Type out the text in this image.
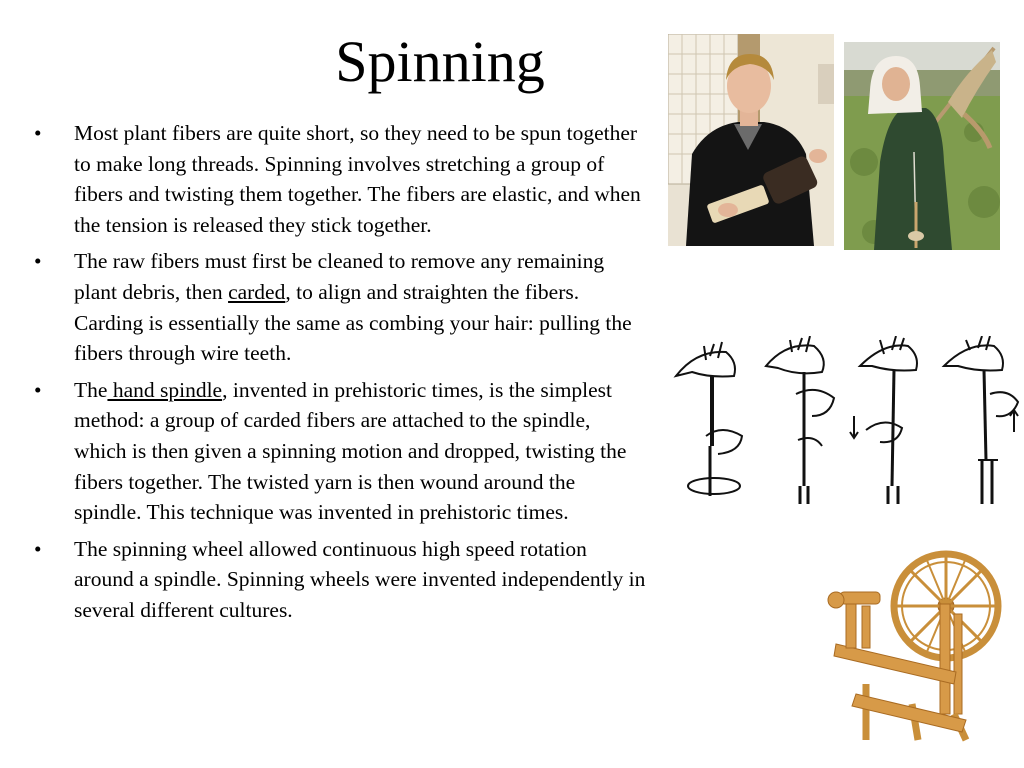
Spinning
•	Most plant fibers are quite short, so they need to be spun together to make long threads. Spinning involves stretching a group of fibers and twisting them together. The fibers are elastic, and when the tension is released they stick together.
•	The raw fibers must first be cleaned to remove any remaining plant debris, then carded, to align and straighten the fibers. Carding is essentially the same as combing your hair: pulling the fibers through wire teeth.
•	The hand spindle, invented in prehistoric times, is the simplest method: a group of carded fibers are attached to the spindle, which is then given a spinning motion and dropped, twisting the fibers together. The twisted yarn is then wound around the spindle. This technique was invented in prehistoric times.
•	The spinning wheel allowed continuous high speed rotation around a spindle. Spinning wheels were invented independently in several different cultures.
